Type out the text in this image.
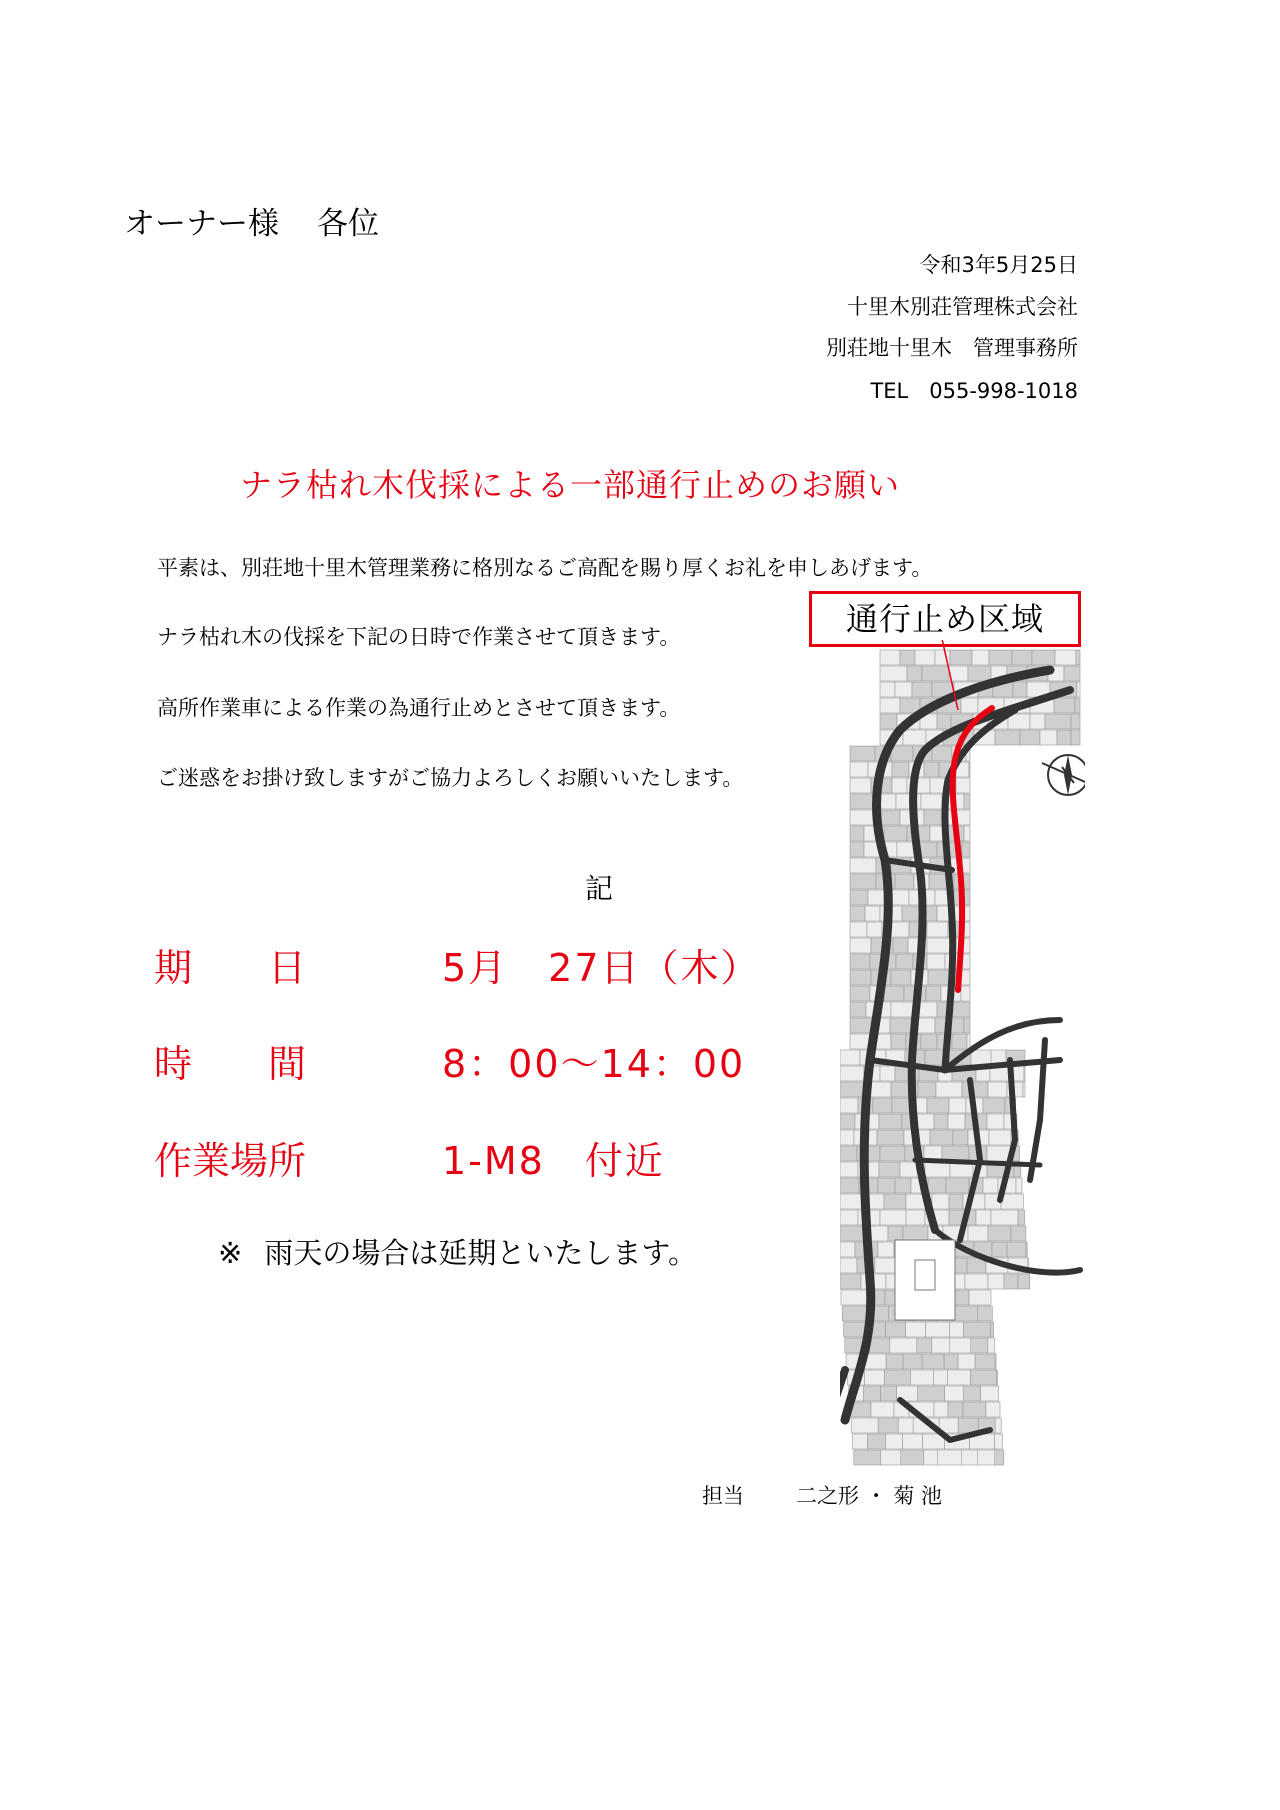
オーナー様 各位
令和3年5月25日
十里木別荘管理株式会社
別荘地十里木　管理事務所
TEL　055-998-1018
ナラ枯れ木伐採による一部通行止めのお願い
平素は、別荘地十里木管理業務に格別なるご高配を賜り厚くお礼を申しあげます。
ナラ枯れ木の伐採を下記の日時で作業させて頂きます。
高所作業車による作業の為通行止めとさせて頂きます。
ご迷惑をお掛け致しますがご協力よろしくお願いいたします。
記
期　　日	5月　27日（木）
時　　間	8：00～14：00
作業場所	1-M8　付近
※ 雨天の場合は延期といたします。
担当 二之形 ・ 菊 池
通行止め区域
